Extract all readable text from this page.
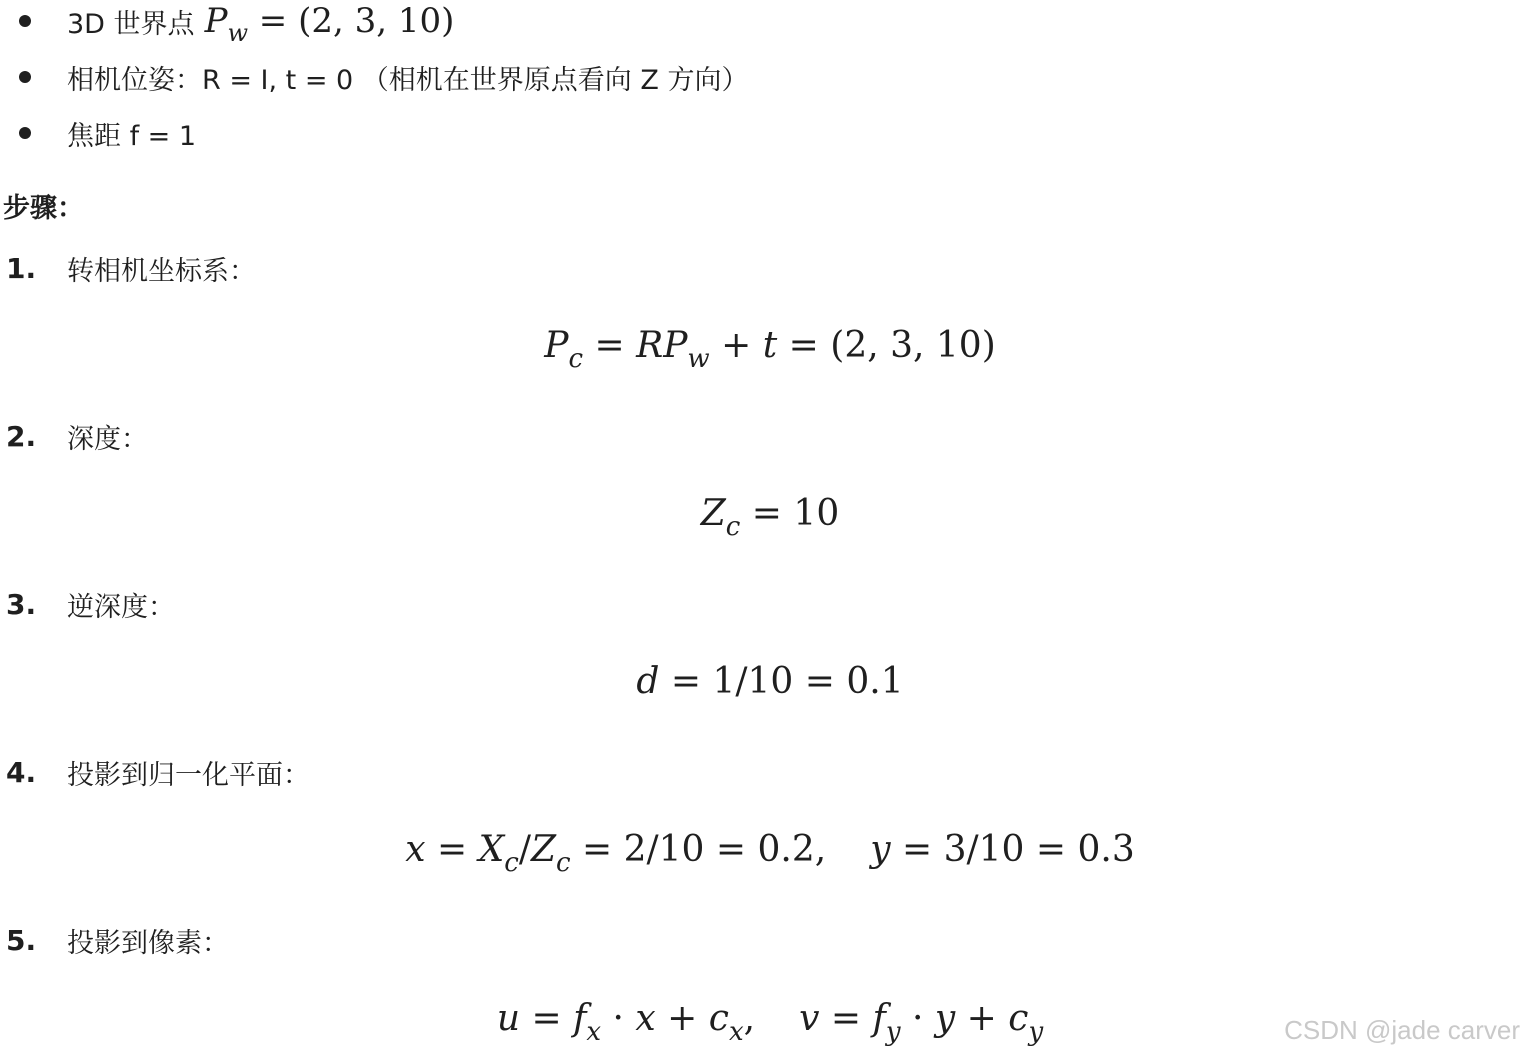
3D 世界点 $P_w = (2$, 3, 10)
相机位姿：R = I, t = 0 （相机在世界原点看向 Z 方向）
焦距 f = 1
步骤：
1. 转相机坐标系：
$P_c = RP_w + t = (2$, 3, 10)
2. 深度：
$Z_c = 10$
3. 逆深度：
d = 1/10 = 0.1
4. 投影到归一化平面：
$x = X_c/Z_c = 2/10 = 0.2$, y = 3/10 = 0.3
5. 投影到像素：
$u = f_x \cdot x + c_x$, $v = f_y \cdot y + c_y$	CSDN @jade carver
